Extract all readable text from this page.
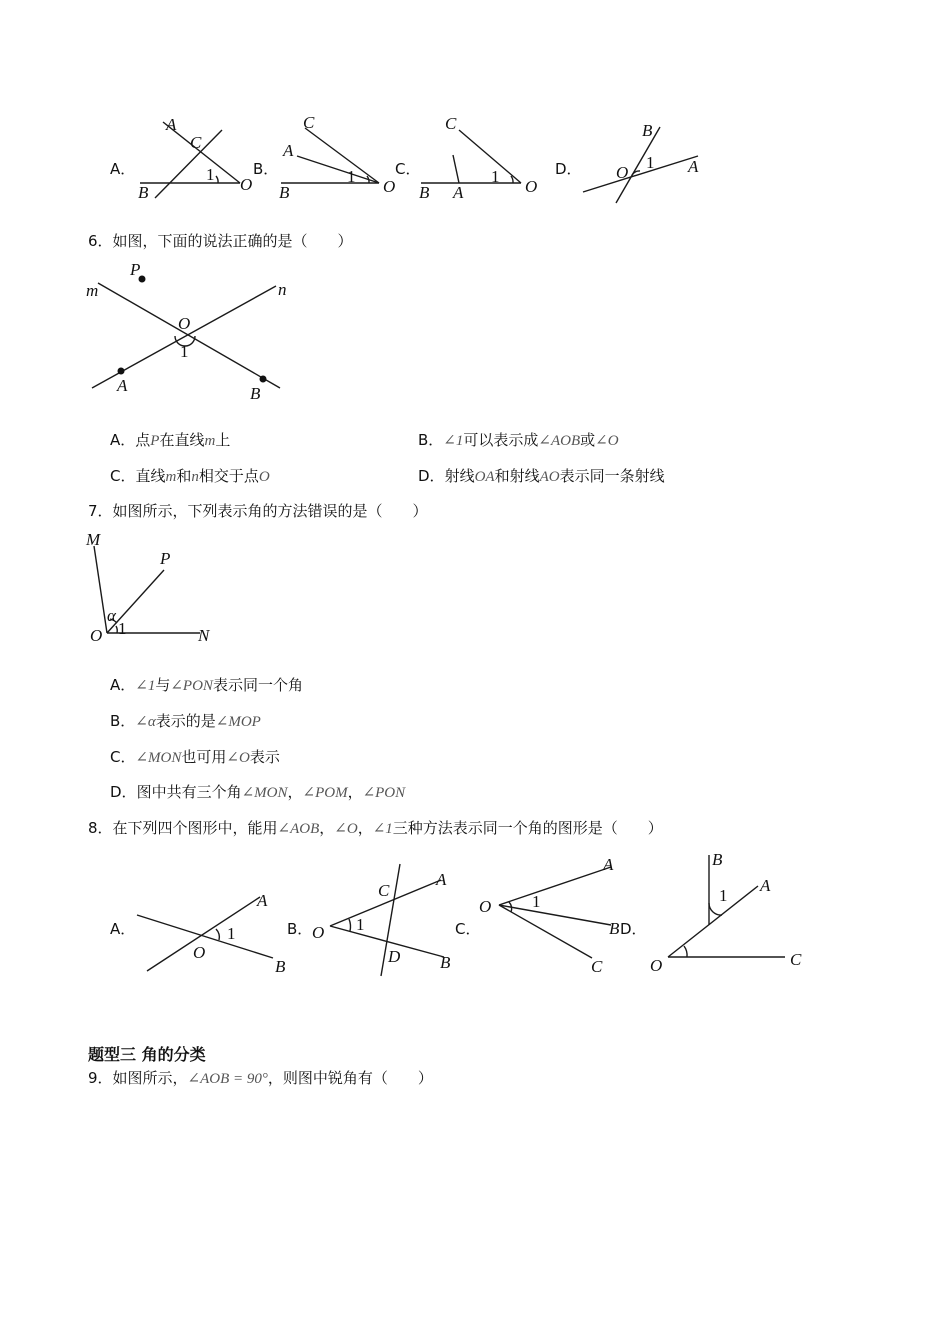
A．
A
C
1
O
B
B．
C
A
1
O
B
C．
C
1
O
B A
D．
B
O
1 A
6．如图，下面的说法正确的是（　　）
P
m	n
O
1
A	B
A．点P在直线m上	B．∠1可以表示成∠AOB或∠O
C．直线m和n相交于点O	D．射线OA和射线AO表示同一条射线
7．如图所示，下列表示角的方法错误的是（　　）
M
P
α
1
O	N
A．∠1与∠PON表示同一个角
B．∠α表示的是∠MOP
C．∠MON也可用∠O表示
D．图中共有三个角∠MON，∠POM，∠PON
8．在下列四个图形中，能用∠AOB，∠O，∠1三种方法表示同一个角的图形是（　　）
A．
A
1
O
B
B．
C
A
O 1
D B
C．
A
O 1
B
C
D．
B
1
A
O	C
题型三 角的分类
9．如图所示，∠AOB = 90°，则图中锐角有（　　）
